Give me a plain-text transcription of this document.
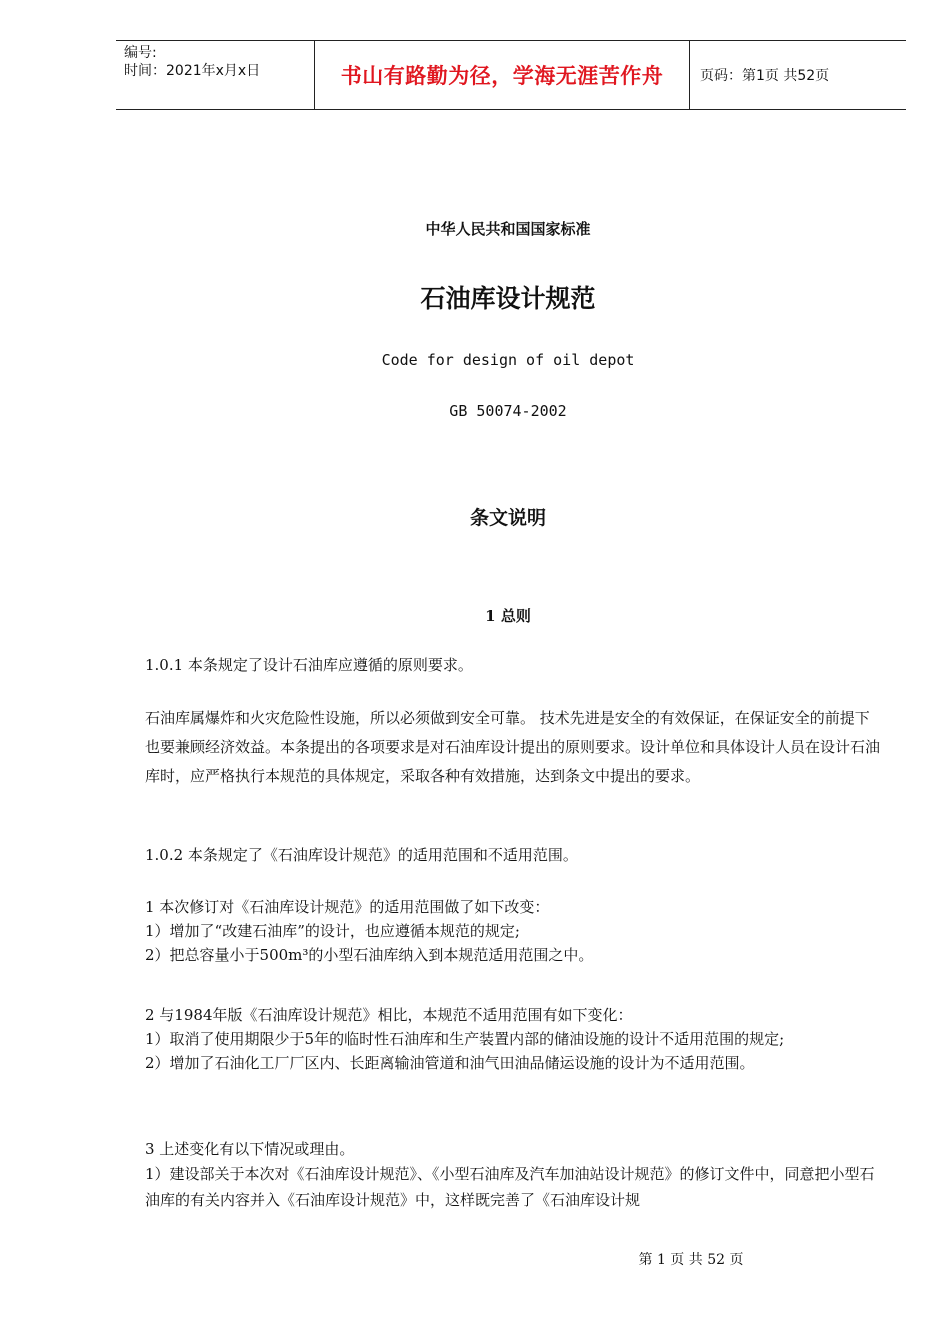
编号:
时间：2021年x月x日	书山有路勤为径，学海无涯苦作舟	页码：第1页 共52页
中华人民共和国国家标准
石油库设计规范
Code for design of oil depot
GB 50074-2002
条文说明
1 总则

1.0.1 本条规定了设计石油库应遵循的原则要求。

石油库属爆炸和火灾危险性设施，所以必须做到安全可靠。 技术先进是安全的有效保证，在保证安全的前提下也要兼顾经济效益。本条提出的各项要求是对石油库设计提出的原则要求。设计单位和具体设计人员在设计石油库时，应严格执行本规范的具体规定，采取各种有效措施，达到条文中提出的要求。

1.0.2 本条规定了《石油库设计规范》的适用范围和不适用范围。

1 本次修订对《石油库设计规范》的适用范围做了如下改变：

1）增加了“改建石油库”的设计，也应遵循本规范的规定;

2）把总容量小于500m³的小型石油库纳入到本规范适用范围之中。

2 与1984年版《石油库设计规范》相比，本规范不适用范围有如下变化：

1）取消了使用期限少于5年的临时性石油库和生产装置内部的储油设施的设计不适用范围的规定;

2）增加了石油化工厂厂区内、长距离输油管道和油气田油品储运设施的设计为不适用范围。

3 上述变化有以下情况或理由。

1）建设部关于本次对《石油库设计规范》、《小型石油库及汽车加油站设计规范》的修订文件中，同意把小型石油库的有关内容并入《石油库设计规范》中，这样既完善了《石油库设计规

第 1 页 共 52 页
